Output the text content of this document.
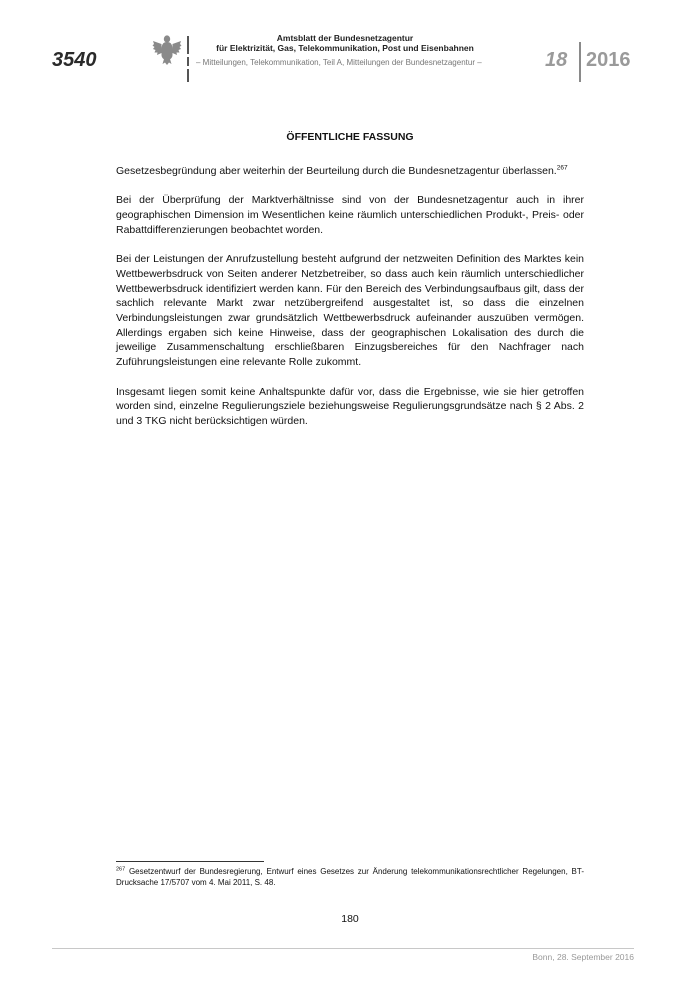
3540
Amtsblatt der Bundesnetzagentur
für Elektrizität, Gas, Telekommunikation, Post und Eisenbahnen
– Mitteilungen, Telekommunikation, Teil A, Mitteilungen der Bundesnetzagentur –	18 2016
ÖFFENTLICHE FASSUNG

Gesetzesbegründung aber weiterhin der Beurteilung durch die Bundesnetzagentur überlassen.$^{267}$

Bei der Überprüfung der Marktverhältnisse sind von der Bundesnetzagentur auch in ihrer geographischen Dimension im Wesentlichen keine räumlich unterschiedlichen Produkt-, Preis- oder Rabattdifferenzierungen beobachtet worden.

Bei der Leistungen der Anrufzustellung besteht aufgrund der netzweiten Definition des Marktes kein Wettbewerbsdruck von Seiten anderer Netzbetreiber, so dass auch kein räumlich unterschiedlicher Wettbewerbsdruck identifiziert werden kann. Für den Bereich des Verbindungsaufbaus gilt, dass der sachlich relevante Markt zwar netzübergreifend ausgestaltet ist, so dass die einzelnen Verbindungsleistungen zwar grundsätzlich Wettbewerbsdruck aufeinander auszuüben vermögen. Allerdings ergaben sich keine Hinweise, dass der geographischen Lokalisation des durch die jeweilige Zusammenschaltung erschließbaren Einzugsbereiches für den Nachfrager nach Zuführungsleistungen eine relevante Rolle zukommt.

Insgesamt liegen somit keine Anhaltspunkte dafür vor, dass die Ergebnisse, wie sie hier getroffen worden sind, einzelne Regulierungsziele beziehungsweise Regulierungsgrundsätze nach § 2 Abs. 2 und 3 TKG nicht berücksichtigen würden.

$^{267}$ Gesetzentwurf der Bundesregierung, Entwurf eines Gesetzes zur Änderung telekommunikationsrechtlicher Regelungen, BT-Drucksache 17/5707 vom 4. Mai 2011, S. 48.
180
Bonn, 28. September 2016
